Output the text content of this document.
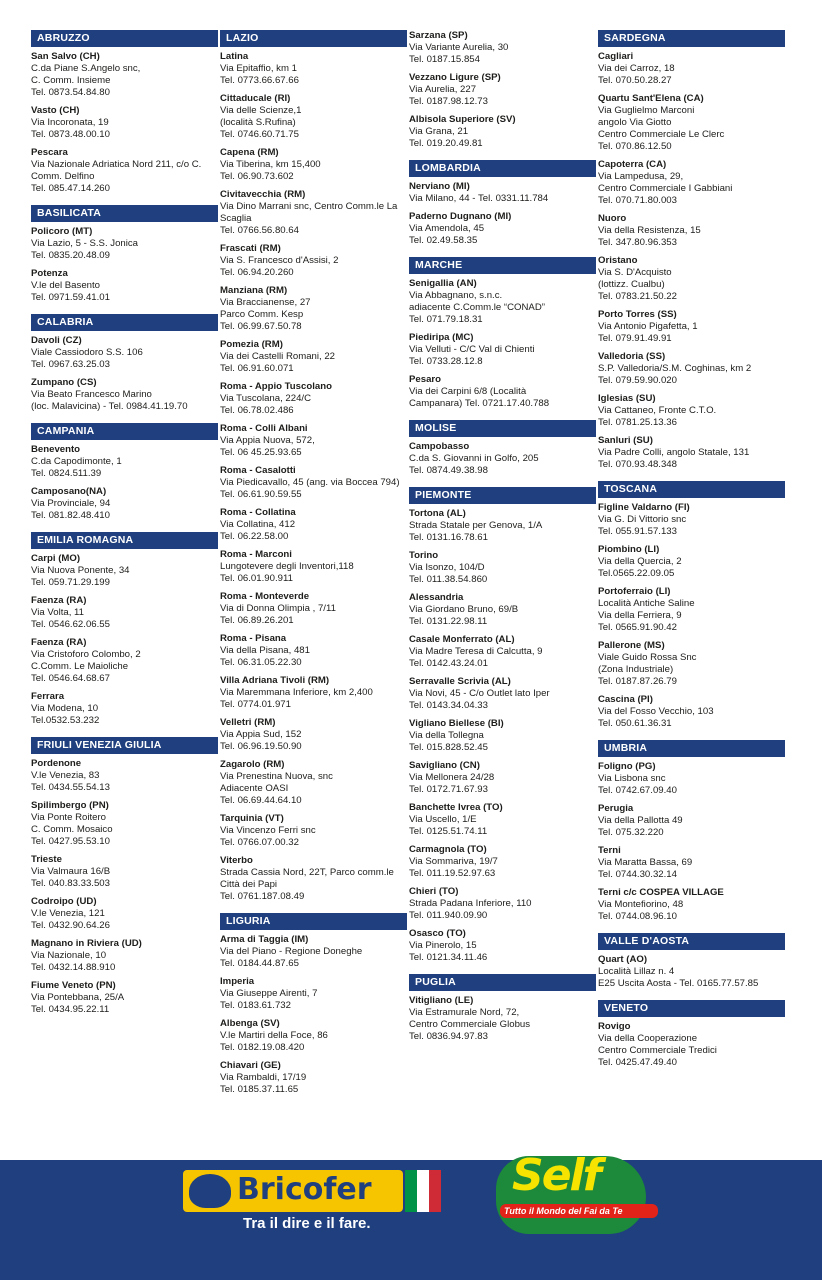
ABRUZZO
San Salvo (CH)
C.da Piane S.Angelo snc,
C. Comm. Insieme
Tel. 0873.54.84.80
Vasto (CH)
Via Incoronata, 19
Tel. 0873.48.00.10
Pescara
Via Nazionale Adriatica Nord 211, c/o C.
Comm. Delfino
Tel. 085.47.14.260
BASILICATA
Policoro (MT)
Via Lazio, 5 - S.S. Jonica
Tel. 0835.20.48.09
Potenza
V.le del Basento
Tel. 0971.59.41.01
CALABRIA
Davoli (CZ)
Viale Cassiodoro S.S. 106
Tel. 0967.63.25.03
Zumpano (CS)
Via Beato Francesco Marino
(loc. Malavicina) - Tel. 0984.41.19.70
CAMPANIA
Benevento
C.da Capodimonte, 1
Tel. 0824.511.39
Camposano(NA)
Via Provinciale, 94
Tel. 081.82.48.410
EMILIA ROMAGNA
Carpi (MO)
Via Nuova Ponente, 34
Tel. 059.71.29.199
Faenza (RA)
Via Volta, 11
Tel. 0546.62.06.55
Faenza (RA)
Via Cristoforo Colombo, 2
C.Comm. Le Maioliche
Tel. 0546.64.68.67
Ferrara
Via Modena, 10
Tel.0532.53.232
FRIULI VENEZIA GIULIA
Pordenone
V.le Venezia, 83
Tel. 0434.55.54.13
Spilimbergo (PN)
Via Ponte Roitero
C. Comm. Mosaico
Tel. 0427.95.53.10
Trieste
Via Valmaura 16/B
Tel. 040.83.33.503
Codroipo (UD)
V.le Venezia, 121
Tel. 0432.90.64.26
Magnano in Riviera (UD)
Via Nazionale, 10
Tel. 0432.14.88.910
Fiume Veneto (PN)
Via Pontebbana, 25/A
Tel. 0434.95.22.11
LAZIO
Latina
Via Epitaffio, km 1
Tel. 0773.66.67.66
Cittaducale (RI)
Via delle Scienze,1
(località S.Rufina)
Tel. 0746.60.71.75
Capena (RM)
Via Tiberina, km 15,400
Tel. 06.90.73.602
Civitavecchia (RM)
Via Dino Marrani snc, Centro Comm.le La
Scaglia
Tel. 0766.56.80.64
Frascati (RM)
Via S. Francesco d'Assisi, 2
Tel. 06.94.20.260
Manziana (RM)
Via Braccianense, 27
Parco Comm. Kesp
Tel. 06.99.67.50.78
Pomezia (RM)
Via dei Castelli Romani, 22
Tel. 06.91.60.071
Roma - Appio Tuscolano
Via Tuscolana, 224/C
Tel. 06.78.02.486
Roma - Colli Albani
Via Appia Nuova, 572,
Tel. 06 45.25.93.65
Roma - Casalotti
Via Piedicavallo, 45 (ang. via Boccea 794)
Tel. 06.61.90.59.55
Roma - Collatina
Via Collatina, 412
Tel. 06.22.58.00
Roma - Marconi
Lungotevere degli Inventori,118
Tel. 06.01.90.911
Roma - Monteverde
Via di Donna Olimpia , 7/11
Tel. 06.89.26.201
Roma - Pisana
Via della Pisana, 481
Tel. 06.31.05.22.30
Villa Adriana Tivoli (RM)
Via Maremmana Inferiore, km 2,400
Tel. 0774.01.971
Velletri (RM)
Via Appia Sud, 152
Tel. 06.96.19.50.90
Zagarolo (RM)
Via Prenestina Nuova, snc
Adiacente OASI
Tel. 06.69.44.64.10
Tarquinia (VT)
Via Vincenzo Ferri snc
Tel. 0766.07.00.32
Viterbo
Strada Cassia Nord, 22T, Parco comm.le
Città dei Papi
Tel. 0761.187.08.49
LIGURIA
Arma di Taggia (IM)
Via del Piano - Regione Doneghe
Tel. 0184.44.87.65
Imperia
Via Giuseppe Airenti, 7
Tel. 0183.61.732
Albenga (SV)
V.le Martiri della Foce, 86
Tel. 0182.19.08.420
Chiavari (GE)
Via Rambaldi, 17/19
Tel. 0185.37.11.65
Sarzana (SP)
Via Variante Aurelia, 30
Tel. 0187.15.854
Vezzano Ligure (SP)
Via Aurelia, 227
Tel. 0187.98.12.73
Albisola Superiore (SV)
Via Grana, 21
Tel. 019.20.49.81
LOMBARDIA
Nerviano (MI)
Via Milano, 44 - Tel. 0331.11.784
Paderno Dugnano (MI)
Via Amendola, 45
Tel. 02.49.58.35
MARCHE
Senigallia (AN)
Via Abbagnano, s.n.c.
adiacente C.Comm.le “CONAD”
Tel. 071.79.18.31
Piediripa (MC)
Via Velluti - C/C Val di Chienti
Tel. 0733.28.12.8
Pesaro
Via dei Carpini 6/8 (Località
Campanara) Tel. 0721.17.40.788
MOLISE
Campobasso
C.da S. Giovanni in Golfo, 205
Tel. 0874.49.38.98
PIEMONTE
Tortona (AL)
Strada Statale per Genova, 1/A
Tel. 0131.16.78.61
Torino
Via Isonzo, 104/D
Tel. 011.38.54.860
Alessandria
Via Giordano Bruno, 69/B
Tel. 0131.22.98.11
Casale Monferrato (AL)
Via Madre Teresa di Calcutta, 9
Tel. 0142.43.24.01
Serravalle Scrivia (AL)
Via Novi, 45 - C/o Outlet lato Iper
Tel. 0143.34.04.33
Vigliano Biellese (BI)
Via della Tollegna
Tel. 015.828.52.45
Savigliano (CN)
Via Mellonera 24/28
Tel. 0172.71.67.93
Banchette Ivrea (TO)
Via Uscello, 1/E
Tel. 0125.51.74.11
Carmagnola (TO)
Via Sommariva, 19/7
Tel. 011.19.52.97.63
Chieri (TO)
Strada Padana Inferiore, 110
Tel. 011.940.09.90
Osasco (TO)
Via Pinerolo, 15
Tel. 0121.34.11.46
PUGLIA
Vitigliano (LE)
Via Estramurale Nord, 72,
Centro Commerciale Globus
Tel. 0836.94.97.83
SARDEGNA
Cagliari
Via dei Carroz, 18
Tel. 070.50.28.27
Quartu Sant'Elena (CA)
Via Guglielmo Marconi
angolo Via Giotto
Centro Commerciale Le Clerc
Tel. 070.86.12.50
Capoterra (CA)
Via Lampedusa, 29,
Centro Commerciale I Gabbiani
Tel. 070.71.80.003
Nuoro
Via della Resistenza, 15
Tel. 347.80.96.353
Oristano
Via S. D'Acquisto
(lottizz. Cualbu)
Tel. 0783.21.50.22
Porto Torres (SS)
Via Antonio Pigafetta, 1
Tel. 079.91.49.91
Valledoria (SS)
S.P. Valledoria/S.M. Coghinas, km 2
Tel. 079.59.90.020
Iglesias (SU)
Via Cattaneo, Fronte C.T.O.
Tel. 0781.25.13.36
Sanluri (SU)
Via Padre Colli, angolo Statale, 131
Tel. 070.93.48.348
TOSCANA
Figline Valdarno (FI)
Via G. Di Vittorio snc
Tel. 055.91.57.133
Piombino (LI)
Via della Quercia, 2
Tel.0565.22.09.05
Portoferraio (LI)
Località Antiche Saline
Via della Ferriera, 9
Tel. 0565.91.90.42
Pallerone (MS)
Viale Guido Rossa Snc
(Zona Industriale)
Tel. 0187.87.26.79
Cascina (PI)
Via del Fosso Vecchio, 103
Tel. 050.61.36.31
UMBRIA
Foligno (PG)
Via Lisbona snc
Tel. 0742.67.09.40
Perugia
Via della Pallotta 49
Tel. 075.32.220
Terni
Via Maratta Bassa, 69
Tel. 0744.30.32.14
Terni c/c COSPEA VILLAGE
Via Montefiorino, 48
Tel. 0744.08.96.10
VALLE D'AOSTA
Quart (AO)
Località Lillaz n. 4
E25 Uscita Aosta - Tel. 0165.77.57.85
VENETO
Rovigo
Via della Cooperazione
Centro Commerciale Tredici
Tel. 0425.47.49.40
Bricofer
Tra il dire e il fare.
Self
Tutto il Mondo del Fai da Te
